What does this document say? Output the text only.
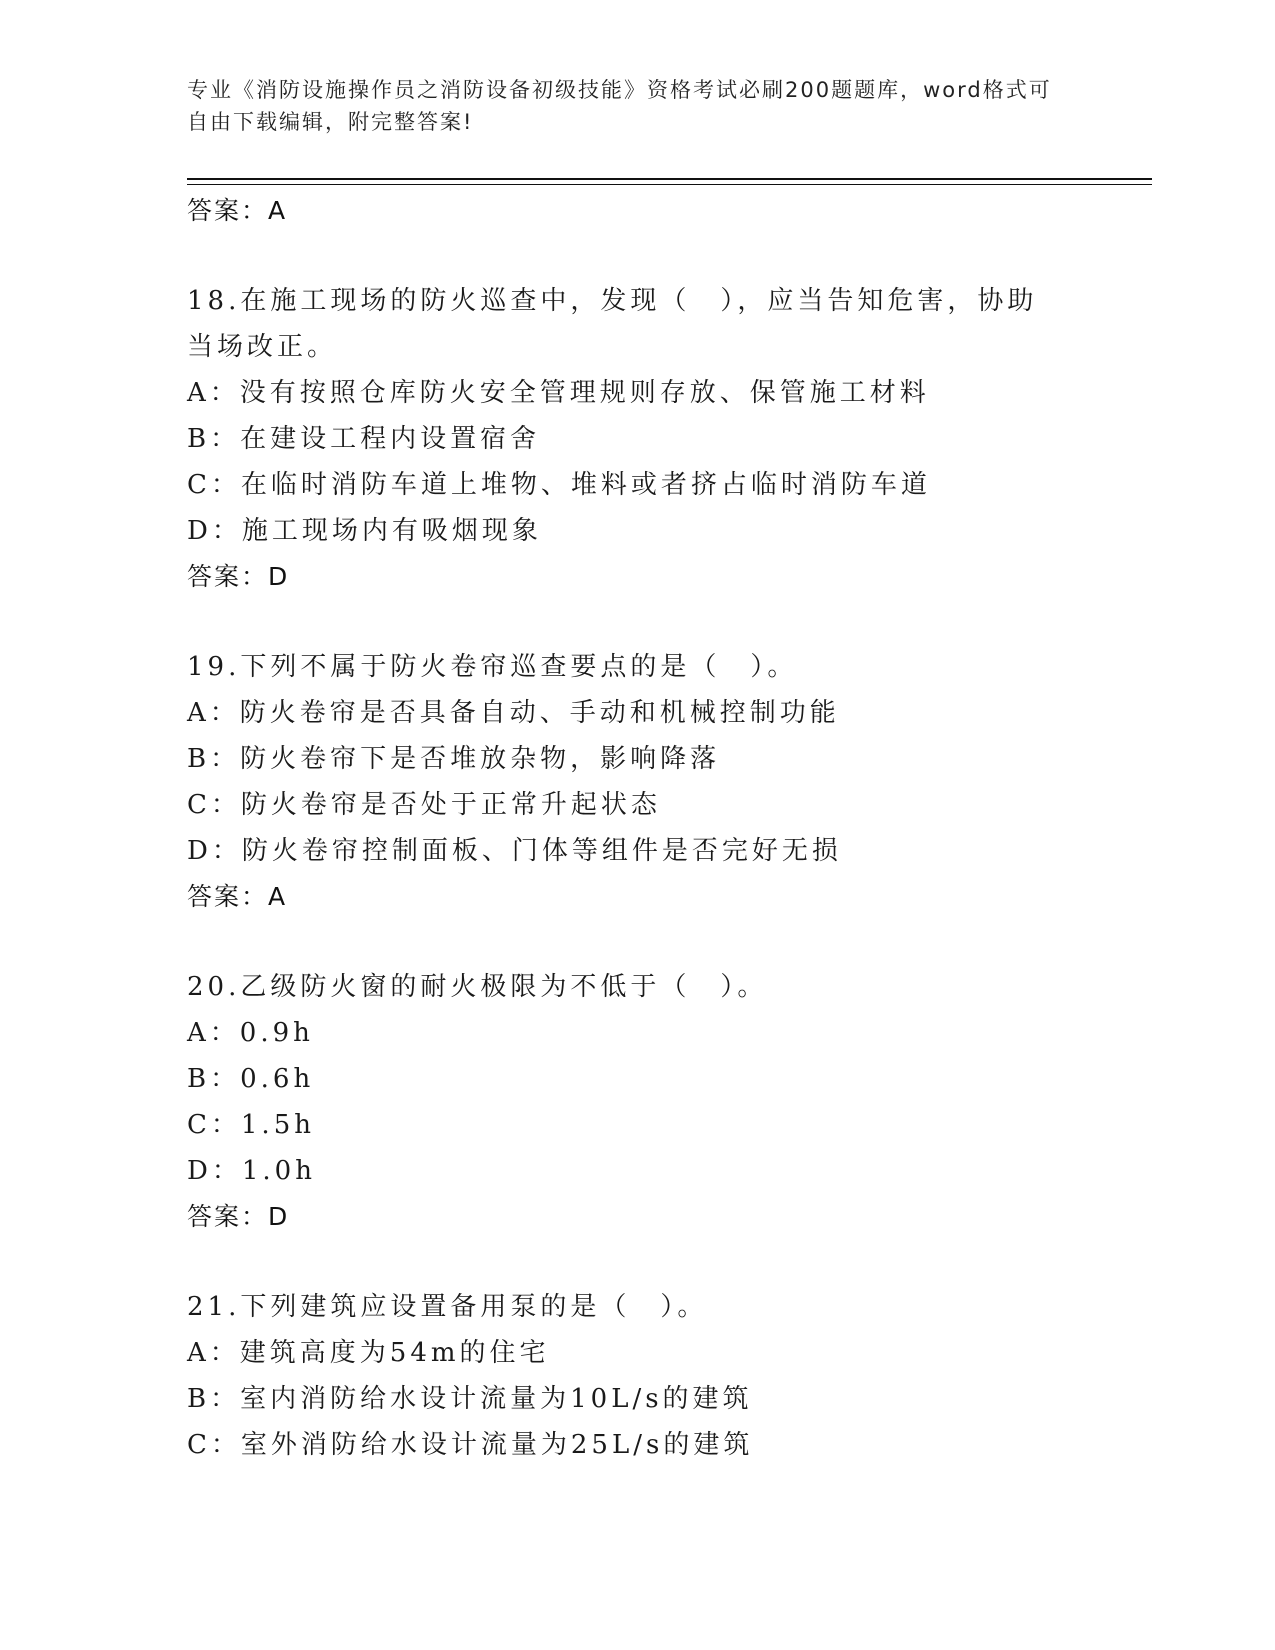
专业《消防设施操作员之消防设备初级技能》资格考试必刷200题题库，word格式可自由下载编辑，附完整答案!
答案：A
18.在施工现场的防火巡查中，发现（　），应当告知危害，协助当场改正。
A：没有按照仓库防火安全管理规则存放、保管施工材料
B：在建设工程内设置宿舍
C：在临时消防车道上堆物、堆料或者挤占临时消防车道
D：施工现场内有吸烟现象
答案：D
19.下列不属于防火卷帘巡查要点的是（　）。
A：防火卷帘是否具备自动、手动和机械控制功能
B：防火卷帘下是否堆放杂物，影响降落
C：防火卷帘是否处于正常升起状态
D：防火卷帘控制面板、门体等组件是否完好无损
答案：A
20.乙级防火窗的耐火极限为不低于（　）。
A：0.9h
B：0.6h
C：1.5h
D：1.0h
答案：D
21.下列建筑应设置备用泵的是（　）。
A：建筑高度为54m的住宅
B：室内消防给水设计流量为10L/s的建筑
C：室外消防给水设计流量为25L/s的建筑
